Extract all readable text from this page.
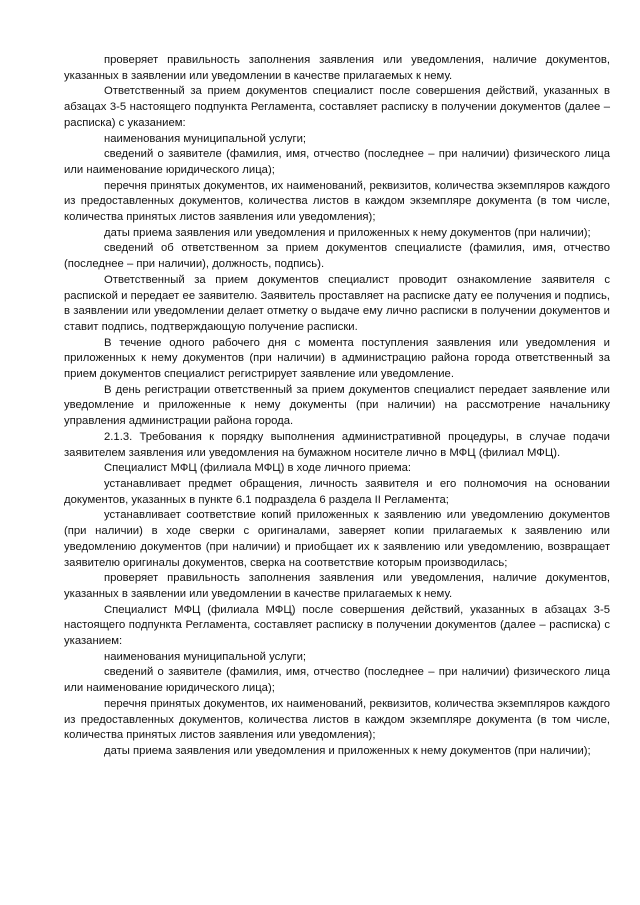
проверяет правильность заполнения заявления или уведомления, наличие документов, указанных в заявлении или уведомлении в качестве прилагаемых к нему.

Ответственный за прием документов специалист после совершения действий, указанных в абзацах 3-5 настоящего подпункта Регламента, составляет расписку в получении документов (далее – расписка) с указанием:

наименования муниципальной услуги;

сведений о заявителе (фамилия, имя, отчество (последнее – при наличии) физического лица или наименование юридического лица);

перечня принятых документов, их наименований, реквизитов, количества экземпляров каждого из предоставленных документов, количества листов в каждом экземпляре документа (в том числе, количества принятых листов заявления или уведомления);

даты приема заявления или уведомления и приложенных к нему документов (при наличии);

сведений об ответственном за прием документов специалисте (фамилия, имя, отчество (последнее – при наличии), должность, подпись).

Ответственный за прием документов специалист проводит ознакомление заявителя с распиской и передает ее заявителю. Заявитель проставляет на расписке дату ее получения и подпись, в заявлении или уведомлении делает отметку о выдаче ему лично расписки в получении документов и ставит подпись, подтверждающую получение расписки.

В течение одного рабочего дня с момента поступления заявления или уведомления и приложенных к нему документов (при наличии) в администрацию района города ответственный за прием документов специалист регистрирует заявление или уведомление.

В день регистрации ответственный за прием документов специалист передает заявление или уведомление и приложенные к нему документы (при наличии) на рассмотрение начальнику управления администрации района города.

2.1.3. Требования к порядку выполнения административной процедуры, в случае подачи заявителем заявления или уведомления на бумажном носителе лично в МФЦ (филиал МФЦ).

Специалист МФЦ (филиала МФЦ) в ходе личного приема:

устанавливает предмет обращения, личность заявителя и его полномочия на основании документов, указанных в пункте 6.1 подраздела 6 раздела II Регламента;

устанавливает соответствие копий приложенных к заявлению или уведомлению документов (при наличии) в ходе сверки с оригиналами, заверяет копии прилагаемых к заявлению или уведомлению документов (при наличии) и приобщает их к заявлению или уведомлению, возвращает заявителю оригиналы документов, сверка на соответствие которым производилась;

проверяет правильность заполнения заявления или уведомления, наличие документов, указанных в заявлении или уведомлении в качестве прилагаемых к нему.

Специалист МФЦ (филиала МФЦ) после совершения действий, указанных в абзацах 3-5 настоящего подпункта Регламента, составляет расписку в получении документов (далее – расписка) с указанием:

наименования муниципальной услуги;

сведений о заявителе (фамилия, имя, отчество (последнее – при наличии) физического лица или наименование юридического лица);

перечня принятых документов, их наименований, реквизитов, количества экземпляров каждого из предоставленных документов, количества листов в каждом экземпляре документа (в том числе, количества принятых листов заявления или уведомления);

даты приема заявления или уведомления и приложенных к нему документов (при наличии);
